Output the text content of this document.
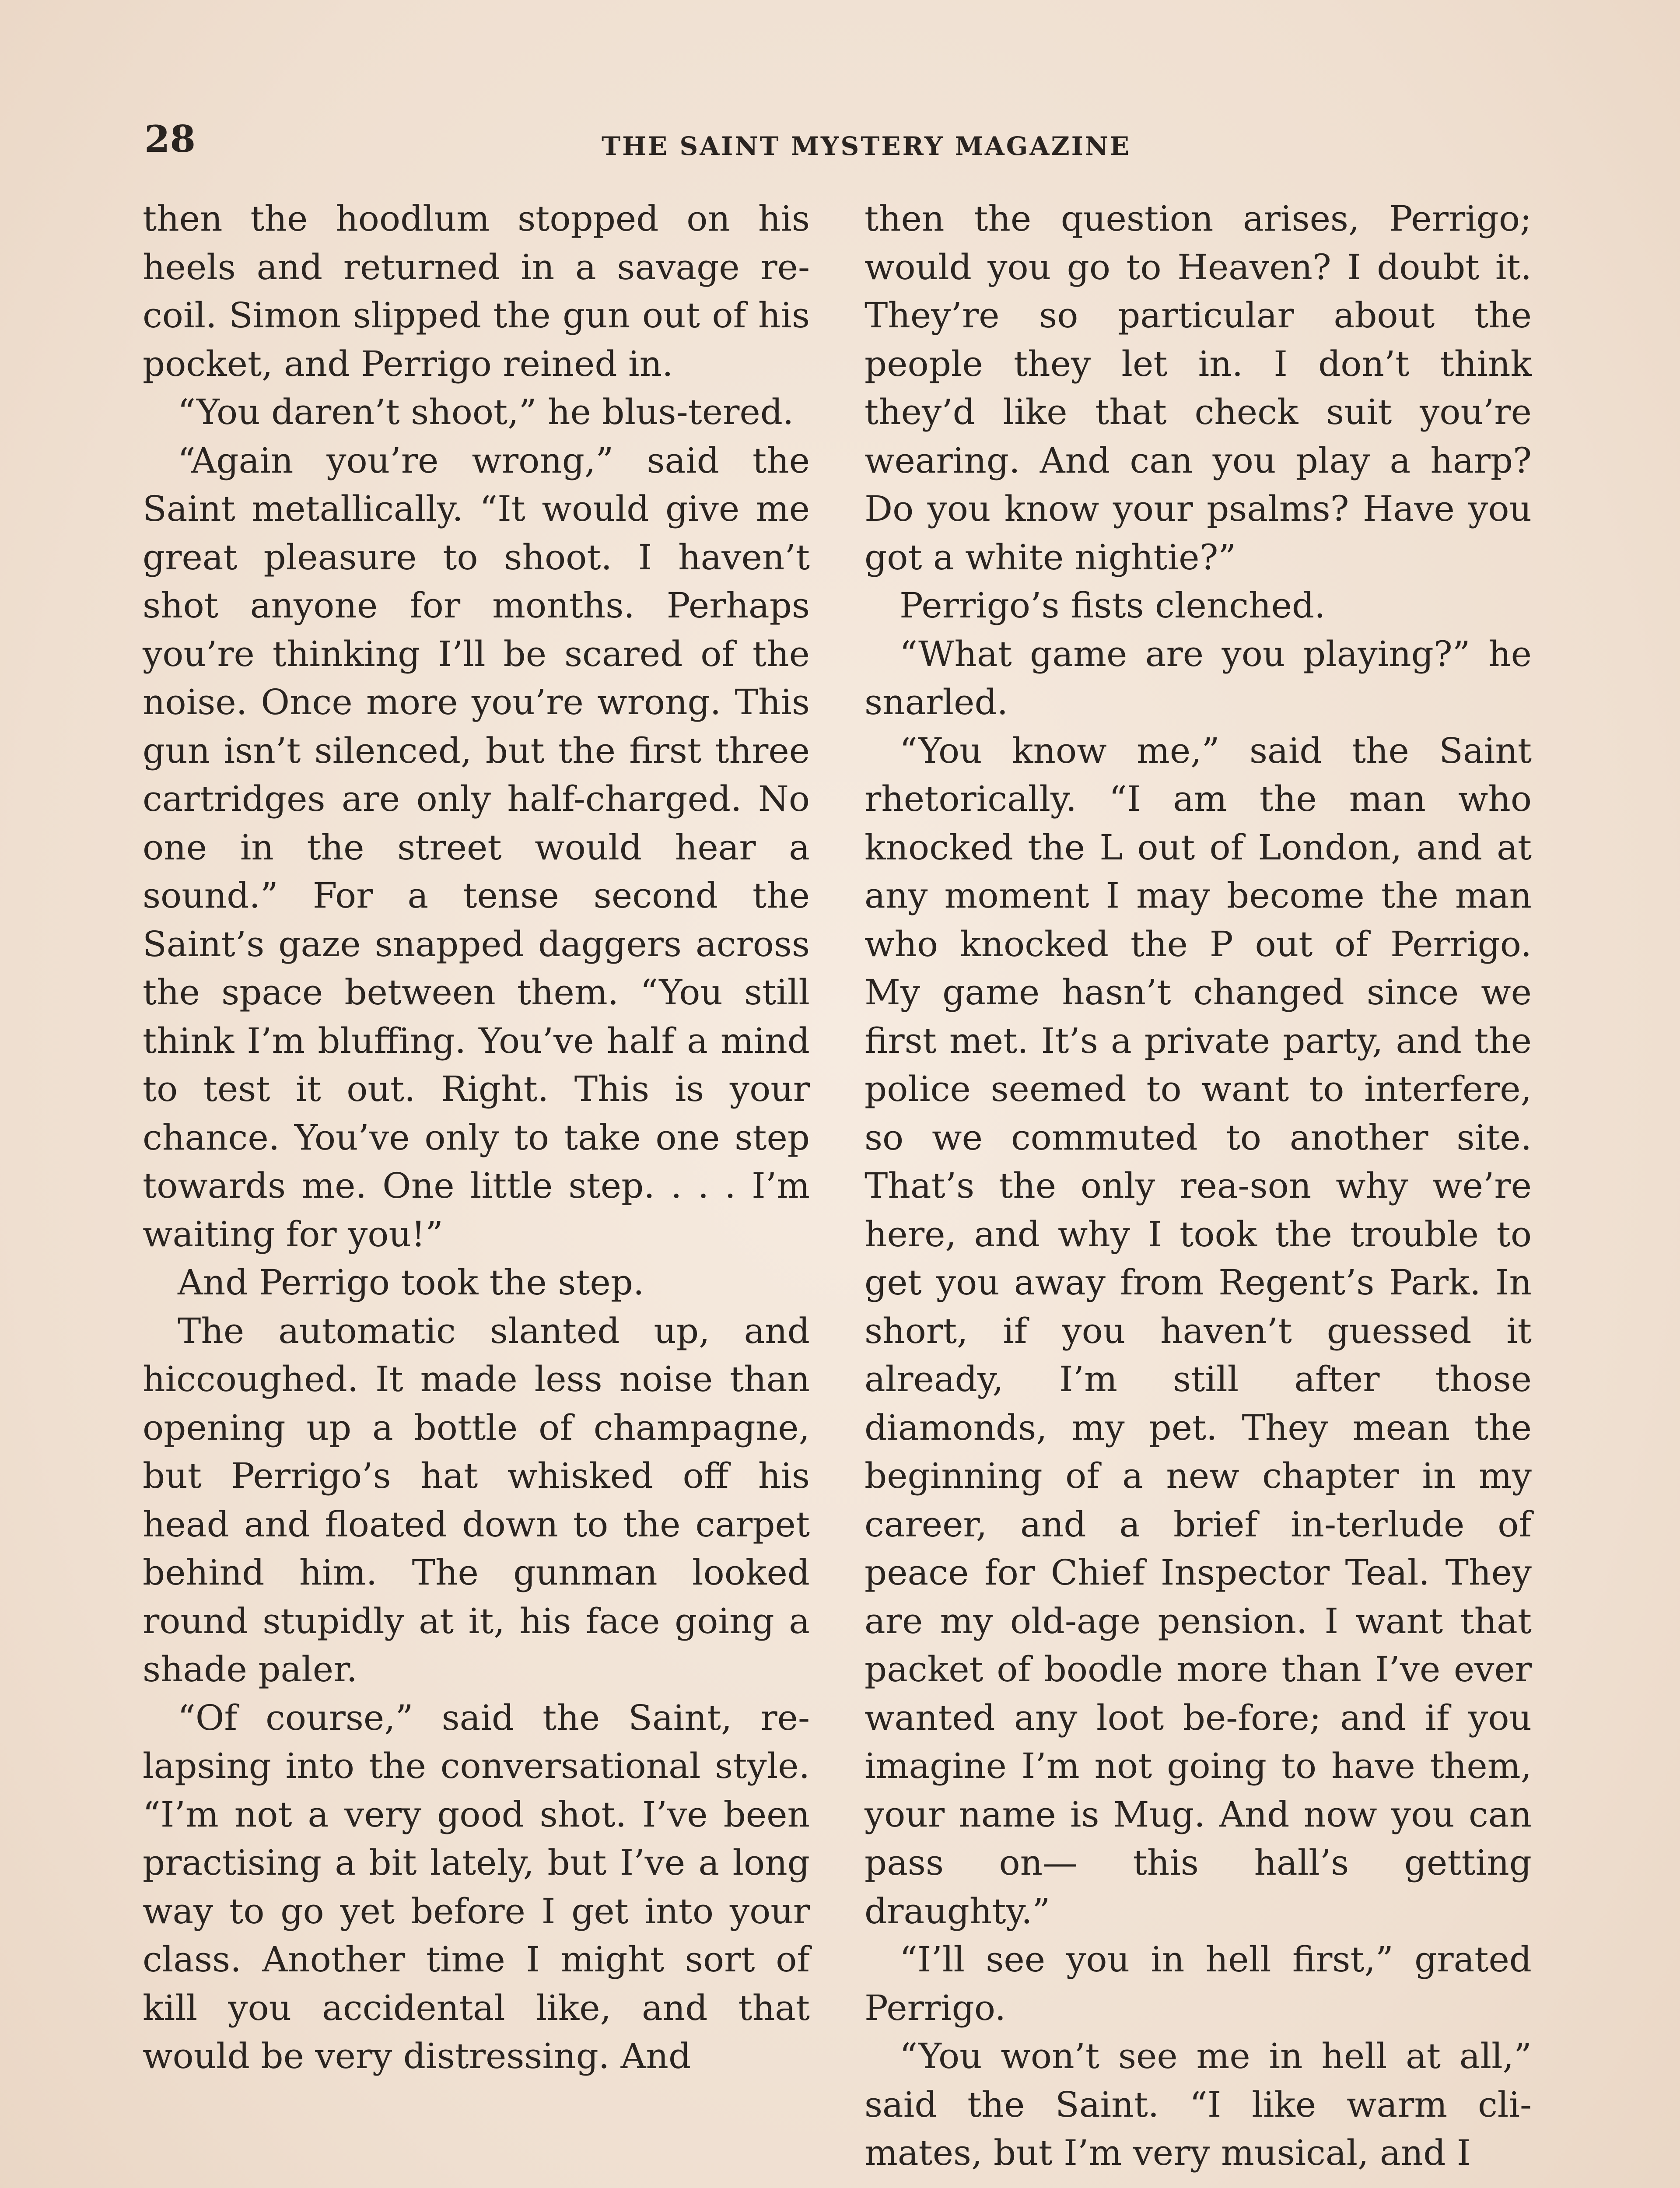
28	THE SAINT MYSTERY MAGAZINE

then the hoodlum stopped on his heels and returned in a savage re-coil. Simon slipped the gun out of his pocket, and Perrigo reined in.

“You daren’t shoot,” he blus-tered.

“Again you’re wrong,” said the Saint metallically. “It would give me great pleasure to shoot. I haven’t shot anyone for months. Perhaps you’re thinking I’ll be scared of the noise. Once more you’re wrong. This gun isn’t silenced, but the first three cartridges are only half-charged. No one in the street would hear a sound.” For a tense second the Saint’s gaze snapped daggers across the space between them. “You still think I’m bluffing. You’ve half a mind to test it out. Right. This is your chance. You’ve only to take one step towards me. One little step. . . . I’m waiting for you!”

And Perrigo took the step.

The automatic slanted up, and hiccoughed. It made less noise than opening up a bottle of champagne, but Perrigo’s hat whisked off his head and floated down to the carpet behind him. The gunman looked round stupidly at it, his face going a shade paler.

“Of course,” said the Saint, re-lapsing into the conversational style. “I’m not a very good shot. I’ve been practising a bit lately, but I’ve a long way to go yet before I get into your class. Another time I might sort of kill you accidental like, and that would be very distressing. And

then the question arises, Perrigo; would you go to Heaven? I doubt it. They’re so particular about the people they let in. I don’t think they’d like that check suit you’re wearing. And can you play a harp? Do you know your psalms? Have you got a white nightie?”

Perrigo’s fists clenched.

“What game are you playing?” he snarled.

“You know me,” said the Saint rhetorically. “I am the man who knocked the L out of London, and at any moment I may become the man who knocked the P out of Perrigo. My game hasn’t changed since we first met. It’s a private party, and the police seemed to want to interfere, so we commuted to another site. That’s the only rea-son why we’re here, and why I took the trouble to get you away from Regent’s Park. In short, if you haven’t guessed it already, I’m still after those diamonds, my pet. They mean the beginning of a new chapter in my career, and a brief in-terlude of peace for Chief Inspector Teal. They are my old-age pension. I want that packet of boodle more than I’ve ever wanted any loot be-fore; and if you imagine I’m not going to have them, your name is Mug. And now you can pass on— this hall’s getting draughty.”

“I’ll see you in hell first,” grated Perrigo.

“You won’t see me in hell at all,” said the Saint. “I like warm cli-mates, but I’m very musical, and I
